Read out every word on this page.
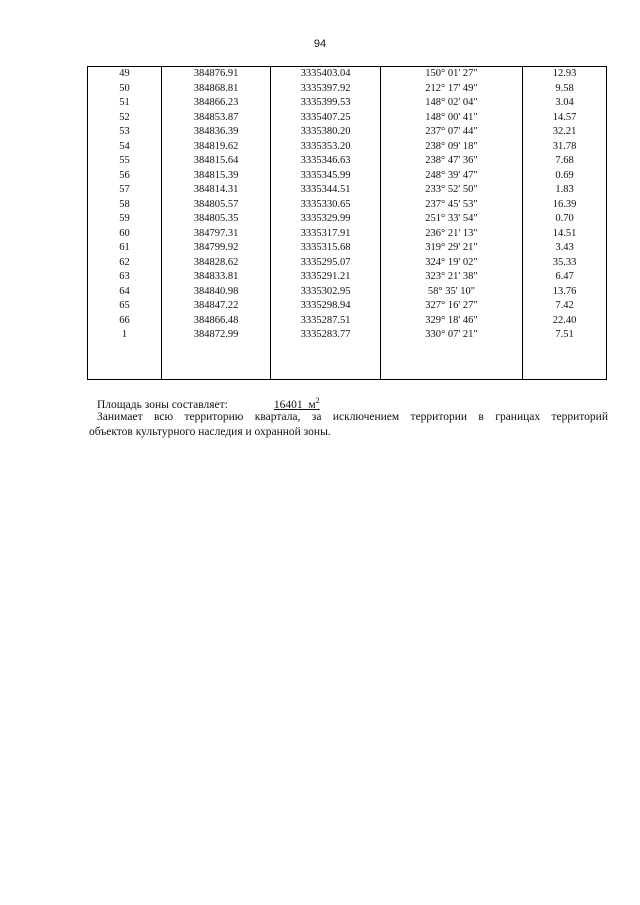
94
49	384876.91	3335403.04	150° 01' 27"	12.93
50	384868.81	3335397.92	212° 17' 49"	9.58
51	384866.23	3335399.53	148° 02' 04"	3.04
52	384853.87	3335407.25	148° 00' 41"	14.57
53	384836.39	3335380.20	237° 07' 44"	32.21
54	384819.62	3335353.20	238° 09' 18"	31.78
55	384815.64	3335346.63	238° 47' 36"	7.68
56	384815.39	3335345.99	248° 39' 47"	0.69
57	384814.31	3335344.51	233° 52' 50"	1.83
58	384805.57	3335330.65	237° 45' 53"	16.39
59	384805.35	3335329.99	251° 33' 54"	0.70
60	384797.31	3335317.91	236° 21' 13"	14.51
61	384799.92	3335315.68	319° 29' 21"	3.43
62	384828.62	3335295.07	324° 19' 02"	35.33
63	384833.81	3335291.21	323° 21' 38"	6.47
64	384840.98	3335302.95	58° 35' 10"	13.76
65	384847.22	3335298.94	327° 16' 27"	7.42
66	384866.48	3335287.51	329° 18' 46"	22.40
1	384872.99	3335283.77	330° 07' 21"	7.51

Площадь зоны составляет:	16401 $м^2$
Занимает всю территорию квартала, за исключением территории в границах территорий
объектов культурного наследия и охранной зоны.
